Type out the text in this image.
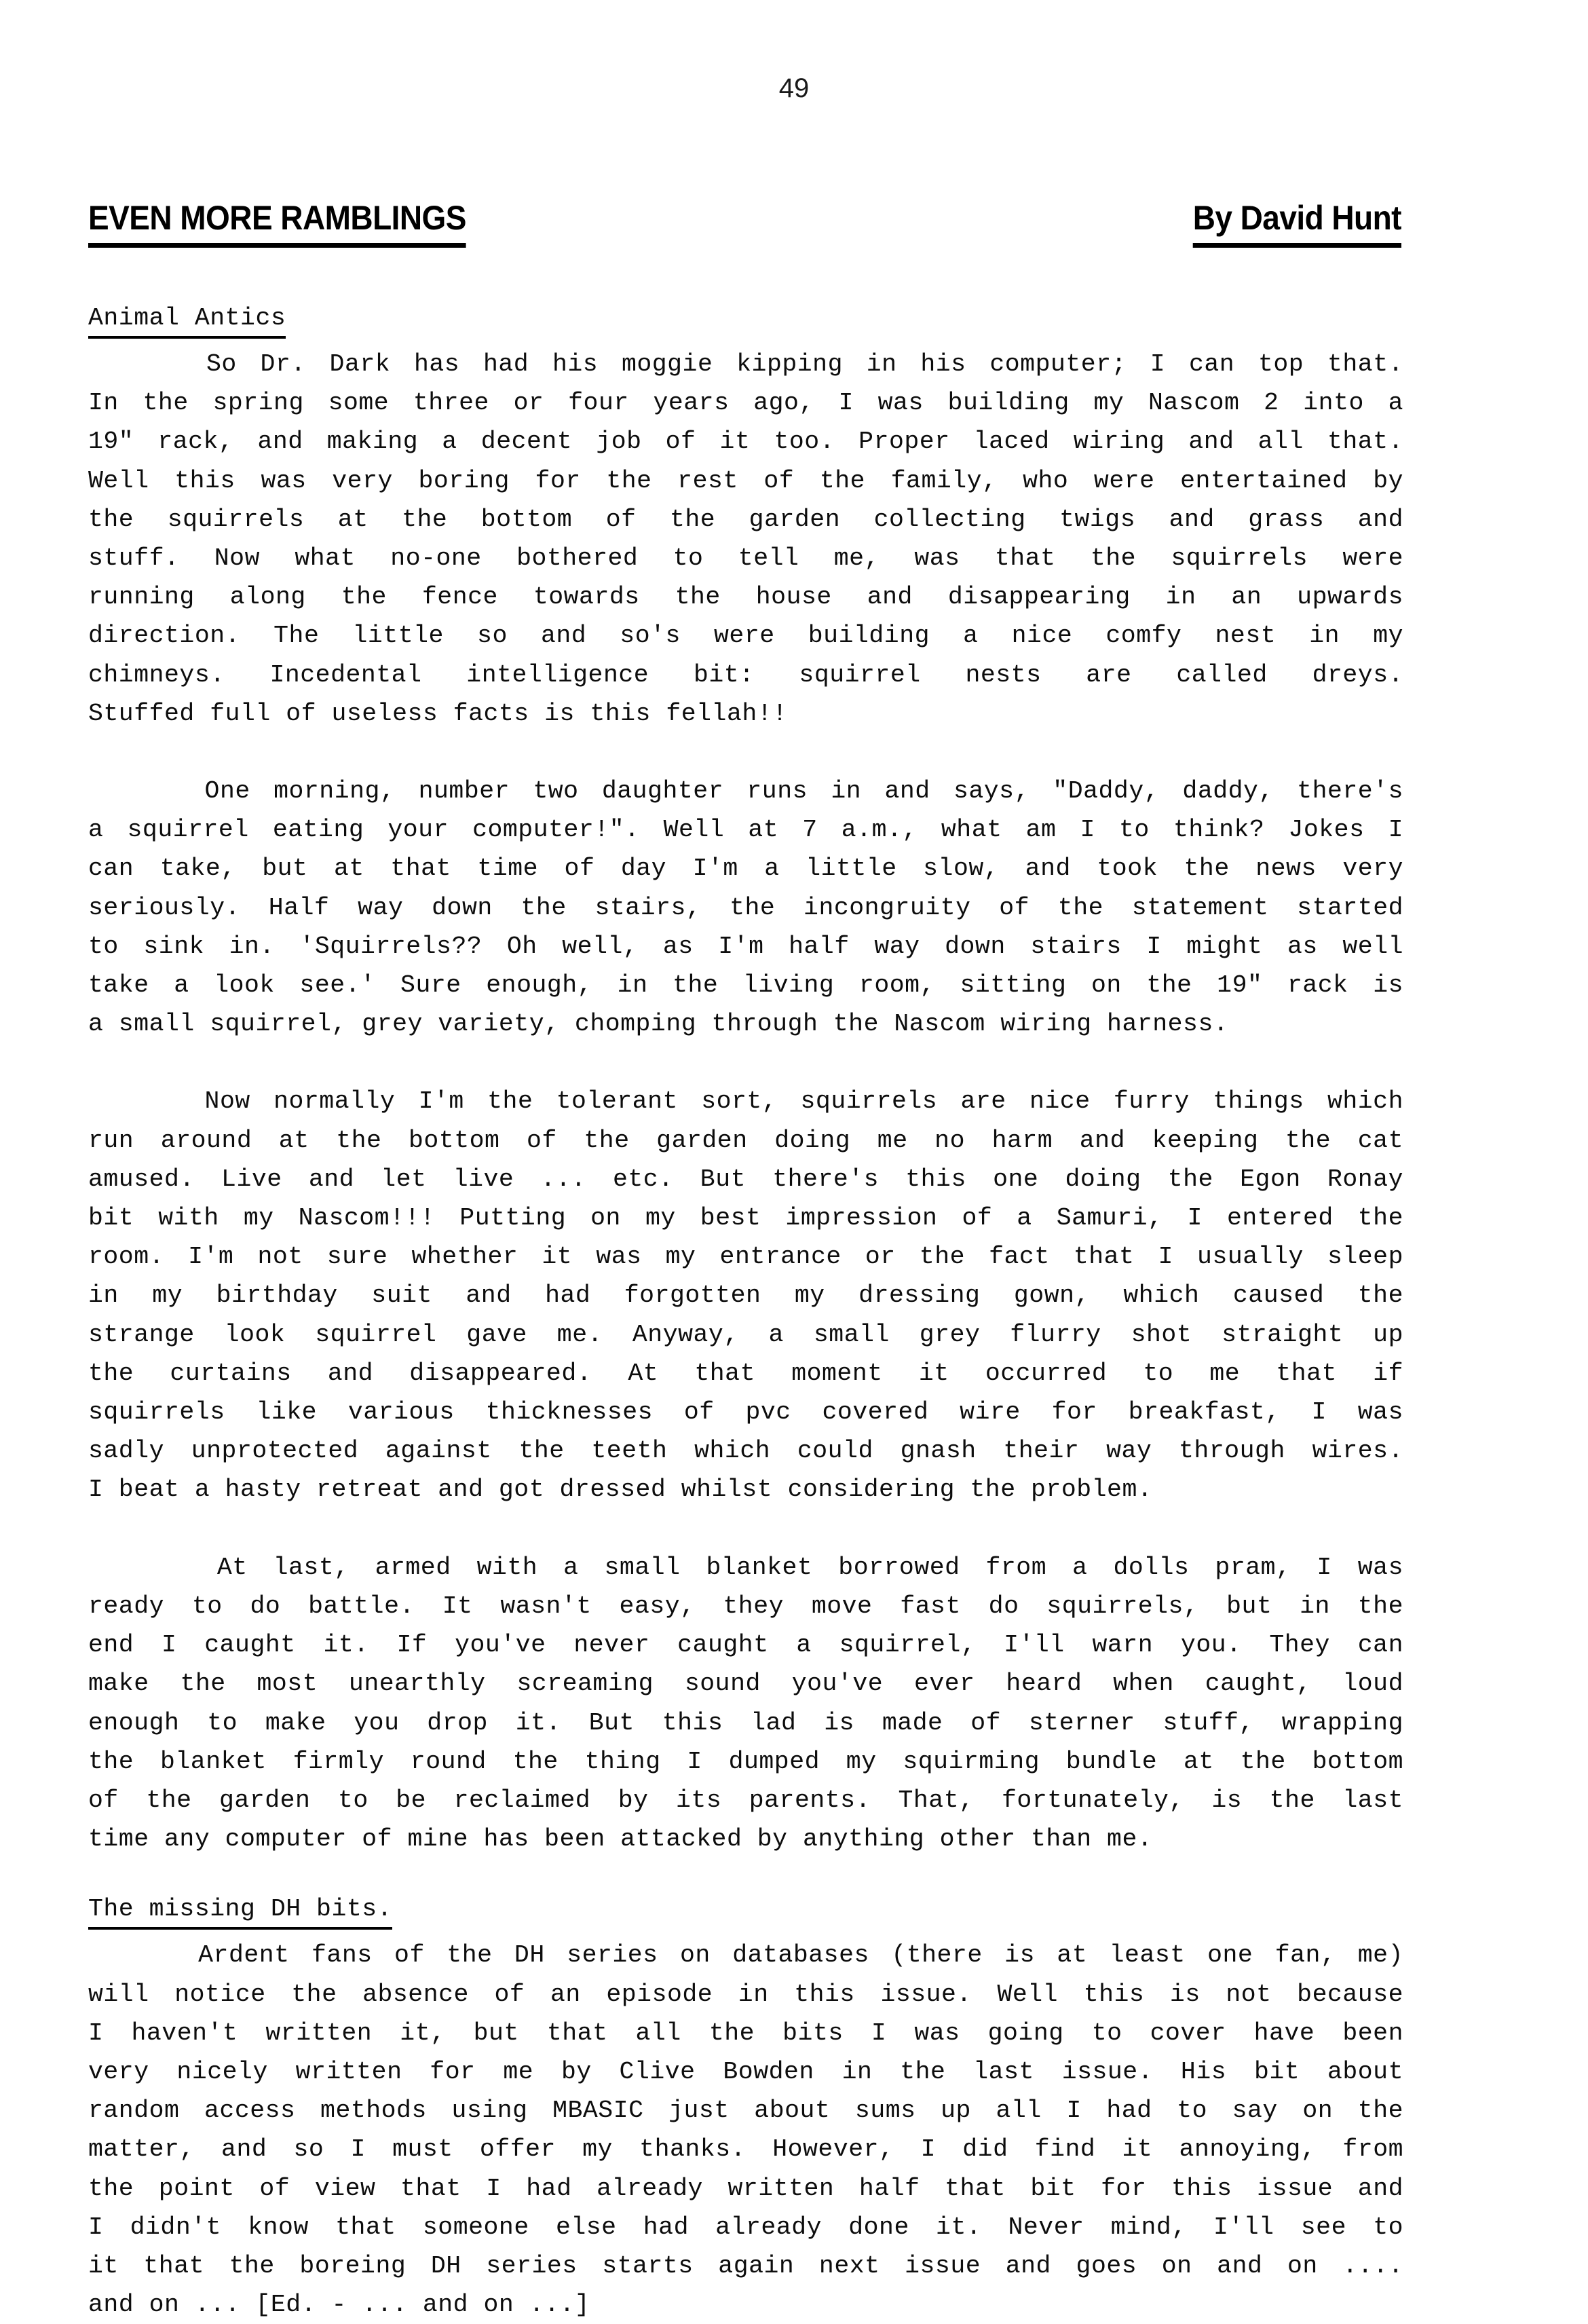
49
EVEN MORE RAMBLINGS	By David Hunt
Animal Antics
So Dr. Dark has had his moggie kipping in his computer; I can top that.
In the spring some three or four years ago, I was building my Nascom 2 into a
19" rack, and making a decent job of it too. Proper laced wiring and all that.
Well this was very boring for the rest of the family, who were entertained by
the squirrels at the bottom of the garden collecting twigs and grass and
stuff. Now what no-one bothered to tell me, was that the squirrels were
running along the fence towards the house and disappearing in an upwards
direction. The little so and so's were building a nice comfy nest in my
chimneys. Incedental intelligence bit: squirrel nests are called dreys.
Stuffed full of useless facts is this fellah!!
One morning, number two daughter runs in and says, "Daddy, daddy, there's
a squirrel eating your computer!". Well at 7 a.m., what am I to think? Jokes I
can take, but at that time of day I'm a little slow, and took the news very
seriously. Half way down the stairs, the incongruity of the statement started
to sink in. 'Squirrels?? Oh well, as I'm half way down stairs I might as well
take a look see.' Sure enough, in the living room, sitting on the 19" rack is
a small squirrel, grey variety, chomping through the Nascom wiring harness.
Now normally I'm the tolerant sort, squirrels are nice furry things which
run around at the bottom of the garden doing me no harm and keeping the cat
amused. Live and let live ... etc. But there's this one doing the Egon Ronay
bit with my Nascom!!! Putting on my best impression of a Samuri, I entered the
room. I'm not sure whether it was my entrance or the fact that I usually sleep
in my birthday suit and had forgotten my dressing gown, which caused the
strange look squirrel gave me. Anyway, a small grey flurry shot straight up
the curtains and disappeared. At that moment it occurred to me that if
squirrels like various thicknesses of pvc covered wire for breakfast, I was
sadly unprotected against the teeth which could gnash their way through wires.
I beat a hasty retreat and got dressed whilst considering the problem.
At last, armed with a small blanket borrowed from a dolls pram, I was
ready to do battle. It wasn't easy, they move fast do squirrels, but in the
end I caught it. If you've never caught a squirrel, I'll warn you. They can
make the most unearthly screaming sound you've ever heard when caught, loud
enough to make you drop it. But this lad is made of sterner stuff, wrapping
the blanket firmly round the thing I dumped my squirming bundle at the bottom
of the garden to be reclaimed by its parents. That, fortunately, is the last
time any computer of mine has been attacked by anything other than me.
The missing DH bits.
Ardent fans of the DH series on databases (there is at least one fan, me)
will notice the absence of an episode in this issue. Well this is not because
I haven't written it, but that all the bits I was going to cover have been
very nicely written for me by Clive Bowden in the last issue. His bit about
random access methods using MBASIC just about sums up all I had to say on the
matter, and so I must offer my thanks. However, I did find it annoying, from
the point of view that I had already written half that bit for this issue and
I didn't know that someone else had already done it. Never mind, I'll see to
it that the boreing DH series starts again next issue and goes on and on ....
and on ... [Ed. - ... and on ...]
